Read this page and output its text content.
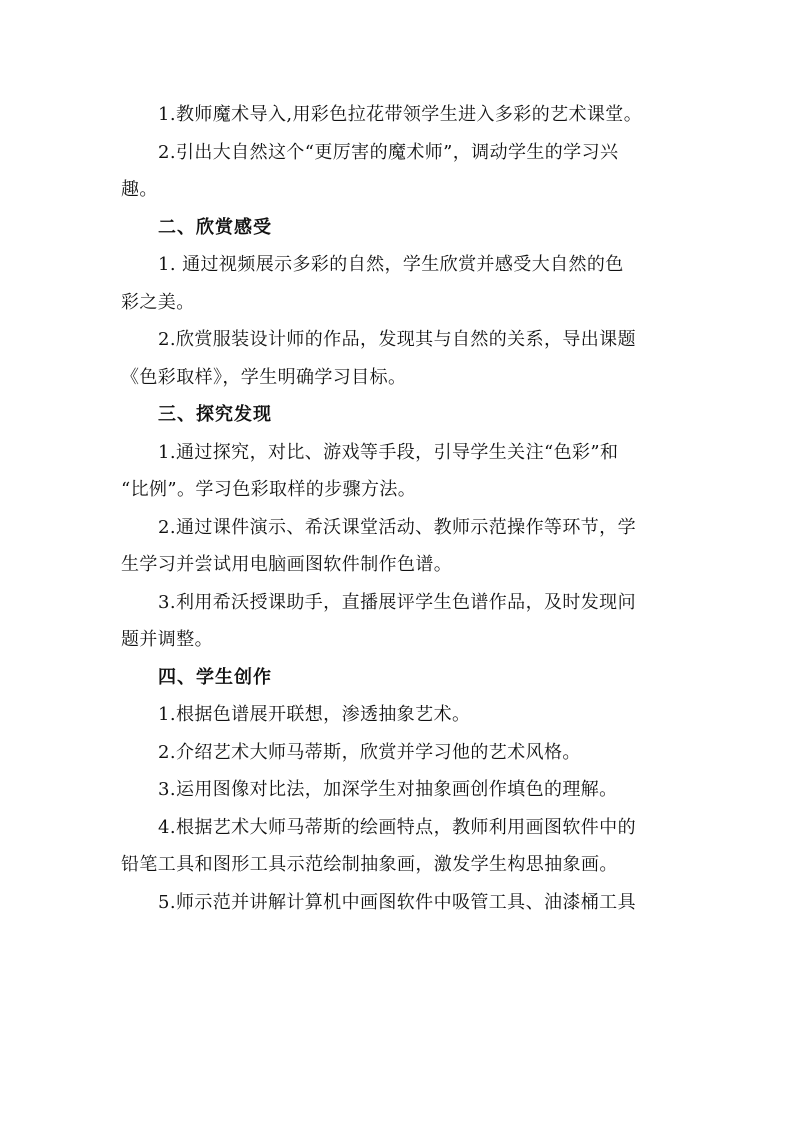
1.教师魔术导入,用彩色拉花带领学生进入多彩的艺术课堂。
2.引出大自然这个“更厉害的魔术师”，调动学生的学习兴
趣。
二、欣赏感受
1. 通过视频展示多彩的自然，学生欣赏并感受大自然的色
彩之美。
2.欣赏服装设计师的作品，发现其与自然的关系，导出课题
《色彩取样》，学生明确学习目标。
三、探究发现
1.通过探究，对比、游戏等手段，引导学生关注“色彩”和
“比例”。学习色彩取样的步骤方法。
2.通过课件演示、希沃课堂活动、教师示范操作等环节，学
生学习并尝试用电脑画图软件制作色谱。
3.利用希沃授课助手，直播展评学生色谱作品，及时发现问
题并调整。
四、学生创作
1.根据色谱展开联想，渗透抽象艺术。
2.介绍艺术大师马蒂斯，欣赏并学习他的艺术风格。
3.运用图像对比法，加深学生对抽象画创作填色的理解。
4.根据艺术大师马蒂斯的绘画特点，教师利用画图软件中的
铅笔工具和图形工具示范绘制抽象画，激发学生构思抽象画。
5.师示范并讲解计算机中画图软件中吸管工具、油漆桶工具
